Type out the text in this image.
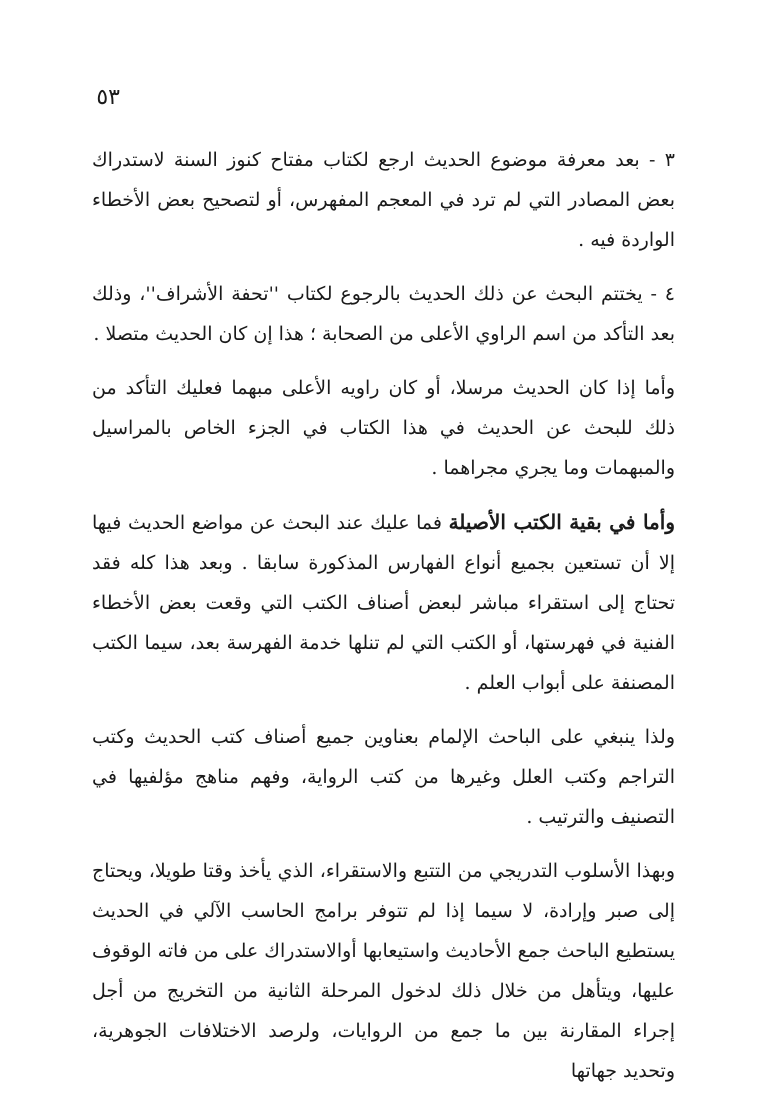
٥٣

٣ - بعد معرفة موضوع الحديث ارجع لكتاب مفتاح كنوز السنة لاستدراك بعض المصادر التي لم ترد في المعجم المفهرس، أو لتصحيح بعض الأخطاء الواردة فيه .

٤ - يختتم البحث عن ذلك الحديث بالرجوع لكتاب ''تحفة الأشراف''، وذلك بعد التأكد من اسم الراوي الأعلى من الصحابة ؛ هذا إن كان الحديث متصلا .

وأما إذا كان الحديث مرسلا، أو كان راويه الأعلى مبهما فعليك التأكد من ذلك للبحث عن الحديث في هذا الكتاب في الجزء الخاص بالمراسيل والمبهمات وما يجري مجراهما .

وأما في بقية الكتب الأصيلة فما عليك عند البحث عن مواضع الحديث فيها إلا أن تستعين بجميع أنواع الفهارس المذكورة سابقا . وبعد هذا كله فقد تحتاج إلى استقراء مباشر لبعض أصناف الكتب التي وقعت بعض الأخطاء الفنية في فهرستها، أو الكتب التي لم تنلها خدمة الفهرسة بعد، سيما الكتب المصنفة على أبواب العلم .

ولذا ينبغي على الباحث الإلمام بعناوين جميع أصناف كتب الحديث وكتب التراجم وكتب العلل وغيرها من كتب الرواية، وفهم مناهج مؤلفيها في التصنيف والترتيب .

وبهذا الأسلوب التدريجي من التتبع والاستقراء، الذي يأخذ وقتا طويلا، ويحتاج إلى صبر وإرادة، لا سيما إذا لم تتوفر برامج الحاسب الآلي في الحديث يستطيع الباحث جمع الأحاديث واستيعابها أوالاستدراك على من فاته الوقوف عليها، ويتأهل من خلال ذلك لدخول المرحلة الثانية من التخريج من أجل إجراء المقارنة بين ما جمع من الروايات، ولرصد الاختلافات الجوهرية، وتحديد جهاتها
